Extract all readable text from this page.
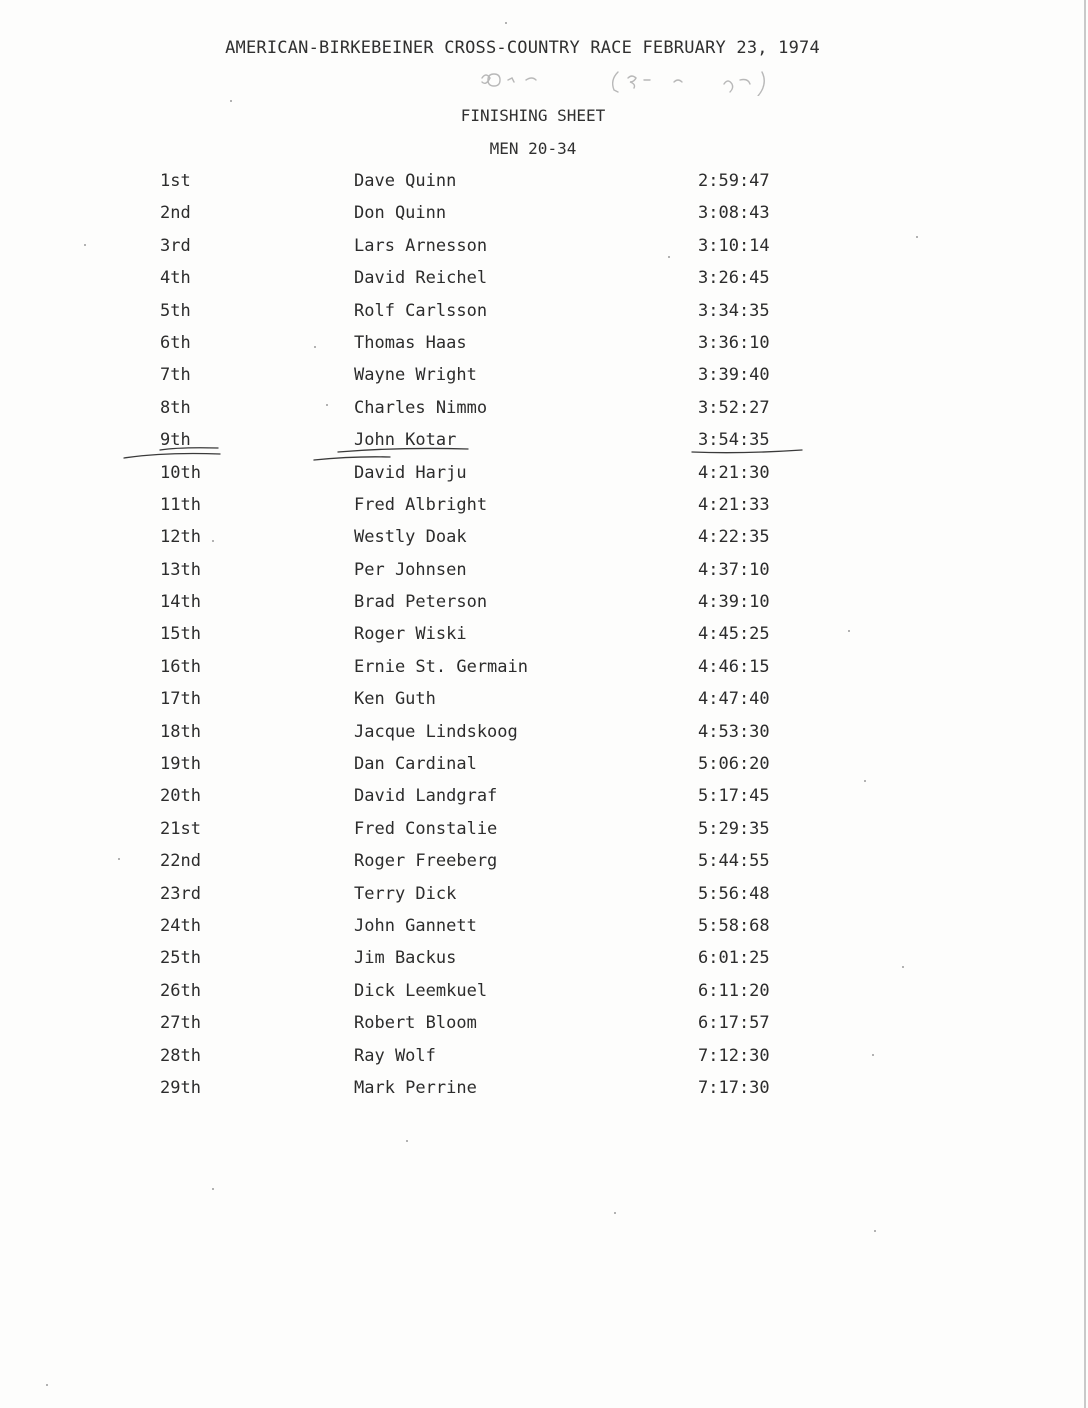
AMERICAN-BIRKEBEINER CROSS-COUNTRY RACE FEBRUARY 23, 1974
FINISHING SHEET
MEN 20-34
1st	Dave Quinn	2:59:47
2nd	Don Quinn	3:08:43
3rd	Lars Arnesson	3:10:14
4th	David Reichel	3:26:45
5th	Rolf Carlsson	3:34:35
6th	Thomas Haas	3:36:10
7th	Wayne Wright	3:39:40
8th	Charles Nimmo	3:52:27
9th	John Kotar	3:54:35
10th	David Harju	4:21:30
11th	Fred Albright	4:21:33
12th	Westly Doak	4:22:35
13th	Per Johnsen	4:37:10
14th	Brad Peterson	4:39:10
15th	Roger Wiski	4:45:25
16th	Ernie St. Germain	4:46:15
17th	Ken Guth	4:47:40
18th	Jacque Lindskoog	4:53:30
19th	Dan Cardinal	5:06:20
20th	David Landgraf	5:17:45
21st	Fred Constalie	5:29:35
22nd	Roger Freeberg	5:44:55
23rd	Terry Dick	5:56:48
24th	John Gannett	5:58:68
25th	Jim Backus	6:01:25
26th	Dick Leemkuel	6:11:20
27th	Robert Bloom	6:17:57
28th	Ray Wolf	7:12:30
29th	Mark Perrine	7:17:30
